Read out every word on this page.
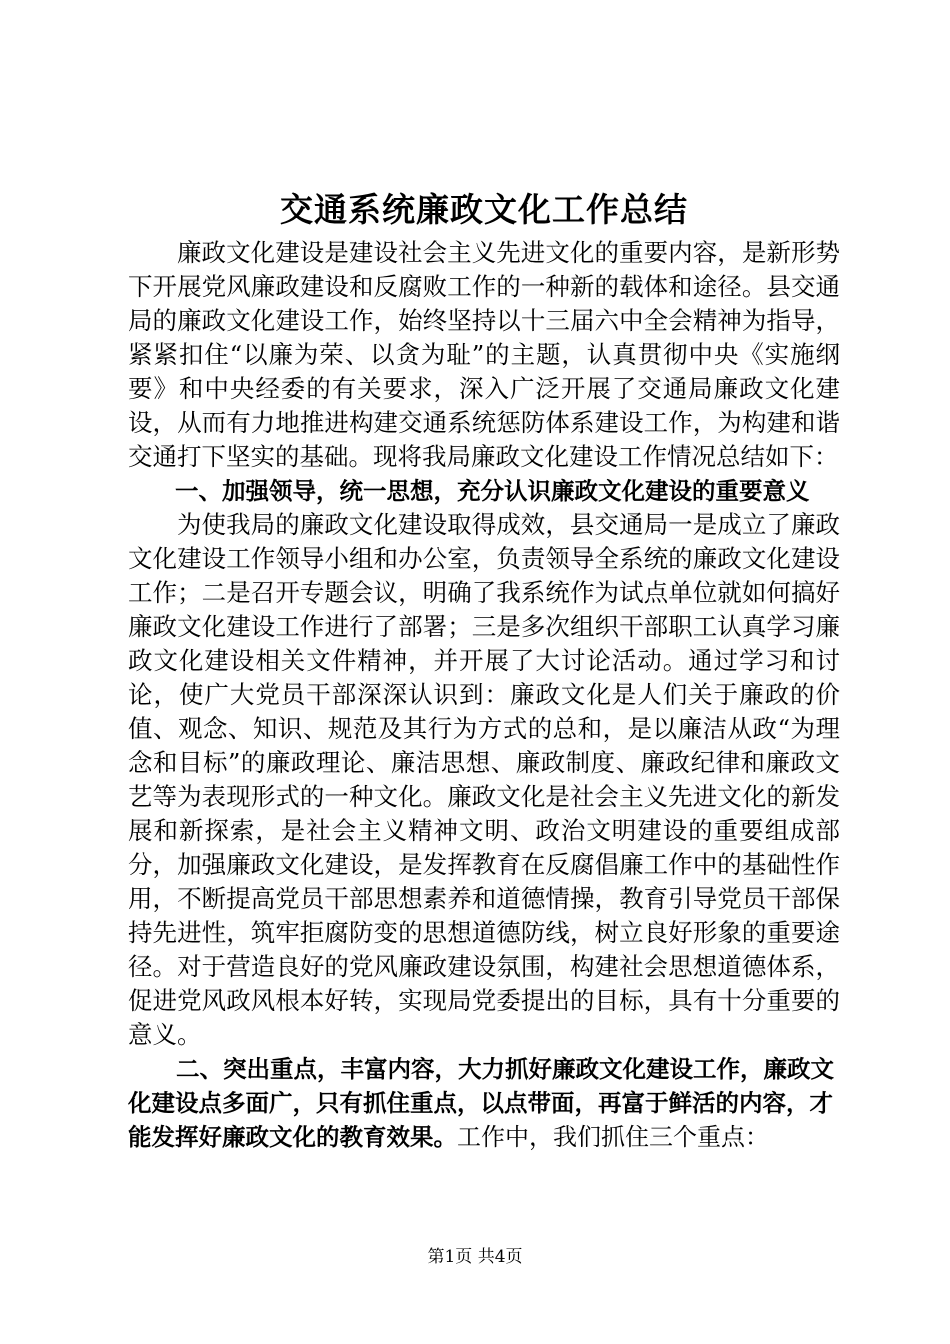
交通系统廉政文化工作总结

廉政文化建设是建设社会主义先进文化的重要内容，是新形势下开展党风廉政建设和反腐败工作的一种新的载体和途径。县交通局的廉政文化建设工作，始终坚持以十三届六中全会精神为指导，紧紧扣住“以廉为荣、以贪为耻”的主题，认真贯彻中央《实施纲要》和中央经委的有关要求，深入广泛开展了交通局廉政文化建设，从而有力地推进构建交通系统惩防体系建设工作，为构建和谐交通打下坚实的基础。现将我局廉政文化建设工作情况总结如下：

一、加强领导，统一思想，充分认识廉政文化建设的重要意义

为使我局的廉政文化建设取得成效，县交通局一是成立了廉政文化建设工作领导小组和办公室，负责领导全系统的廉政文化建设工作；二是召开专题会议，明确了我系统作为试点单位就如何搞好廉政文化建设工作进行了部署；三是多次组织干部职工认真学习廉政文化建设相关文件精神，并开展了大讨论活动。通过学习和讨论，使广大党员干部深深认识到：廉政文化是人们关于廉政的价值、观念、知识、规范及其行为方式的总和，是以廉洁从政“为理念和目标”的廉政理论、廉洁思想、廉政制度、廉政纪律和廉政文艺等为表现形式的一种文化。廉政文化是社会主义先进文化的新发展和新探索，是社会主义精神文明、政治文明建设的重要组成部分，加强廉政文化建设，是发挥教育在反腐倡廉工作中的基础性作用，不断提高党员干部思想素养和道德情操，教育引导党员干部保持先进性，筑牢拒腐防变的思想道德防线，树立良好形象的重要途径。对于营造良好的党风廉政建设氛围，构建社会思想道德体系，促进党风政风根本好转，实现局党委提出的目标，具有十分重要的意义。

二、突出重点，丰富内容，大力抓好廉政文化建设工作，廉政文化建设点多面广，只有抓住重点，以点带面，再富于鲜活的内容，才能发挥好廉政文化的教育效果。工作中，我们抓住三个重点：

第1页 共4页
